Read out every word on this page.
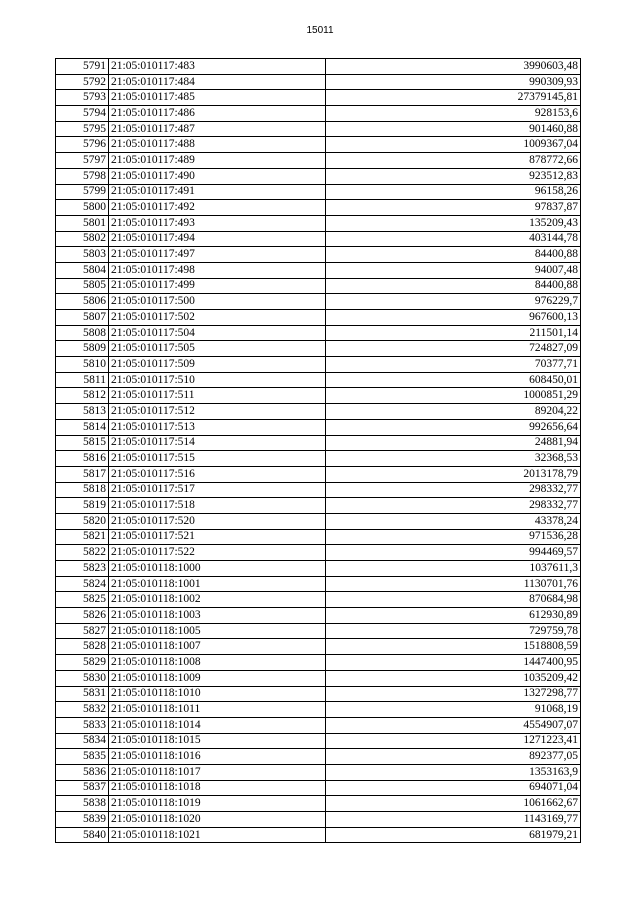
15011
5791	21:05:010117:483	3990603,48
5792	21:05:010117:484	990309,93
5793	21:05:010117:485	27379145,81
5794	21:05:010117:486	928153,6
5795	21:05:010117:487	901460,88
5796	21:05:010117:488	1009367,04
5797	21:05:010117:489	878772,66
5798	21:05:010117:490	923512,83
5799	21:05:010117:491	96158,26
5800	21:05:010117:492	97837,87
5801	21:05:010117:493	135209,43
5802	21:05:010117:494	403144,78
5803	21:05:010117:497	84400,88
5804	21:05:010117:498	94007,48
5805	21:05:010117:499	84400,88
5806	21:05:010117:500	976229,7
5807	21:05:010117:502	967600,13
5808	21:05:010117:504	211501,14
5809	21:05:010117:505	724827,09
5810	21:05:010117:509	70377,71
5811	21:05:010117:510	608450,01
5812	21:05:010117:511	1000851,29
5813	21:05:010117:512	89204,22
5814	21:05:010117:513	992656,64
5815	21:05:010117:514	24881,94
5816	21:05:010117:515	32368,53
5817	21:05:010117:516	2013178,79
5818	21:05:010117:517	298332,77
5819	21:05:010117:518	298332,77
5820	21:05:010117:520	43378,24
5821	21:05:010117:521	971536,28
5822	21:05:010117:522	994469,57
5823	21:05:010118:1000	1037611,3
5824	21:05:010118:1001	1130701,76
5825	21:05:010118:1002	870684,98
5826	21:05:010118:1003	612930,89
5827	21:05:010118:1005	729759,78
5828	21:05:010118:1007	1518808,59
5829	21:05:010118:1008	1447400,95
5830	21:05:010118:1009	1035209,42
5831	21:05:010118:1010	1327298,77
5832	21:05:010118:1011	91068,19
5833	21:05:010118:1014	4554907,07
5834	21:05:010118:1015	1271223,41
5835	21:05:010118:1016	892377,05
5836	21:05:010118:1017	1353163,9
5837	21:05:010118:1018	694071,04
5838	21:05:010118:1019	1061662,67
5839	21:05:010118:1020	1143169,77
5840	21:05:010118:1021	681979,21
